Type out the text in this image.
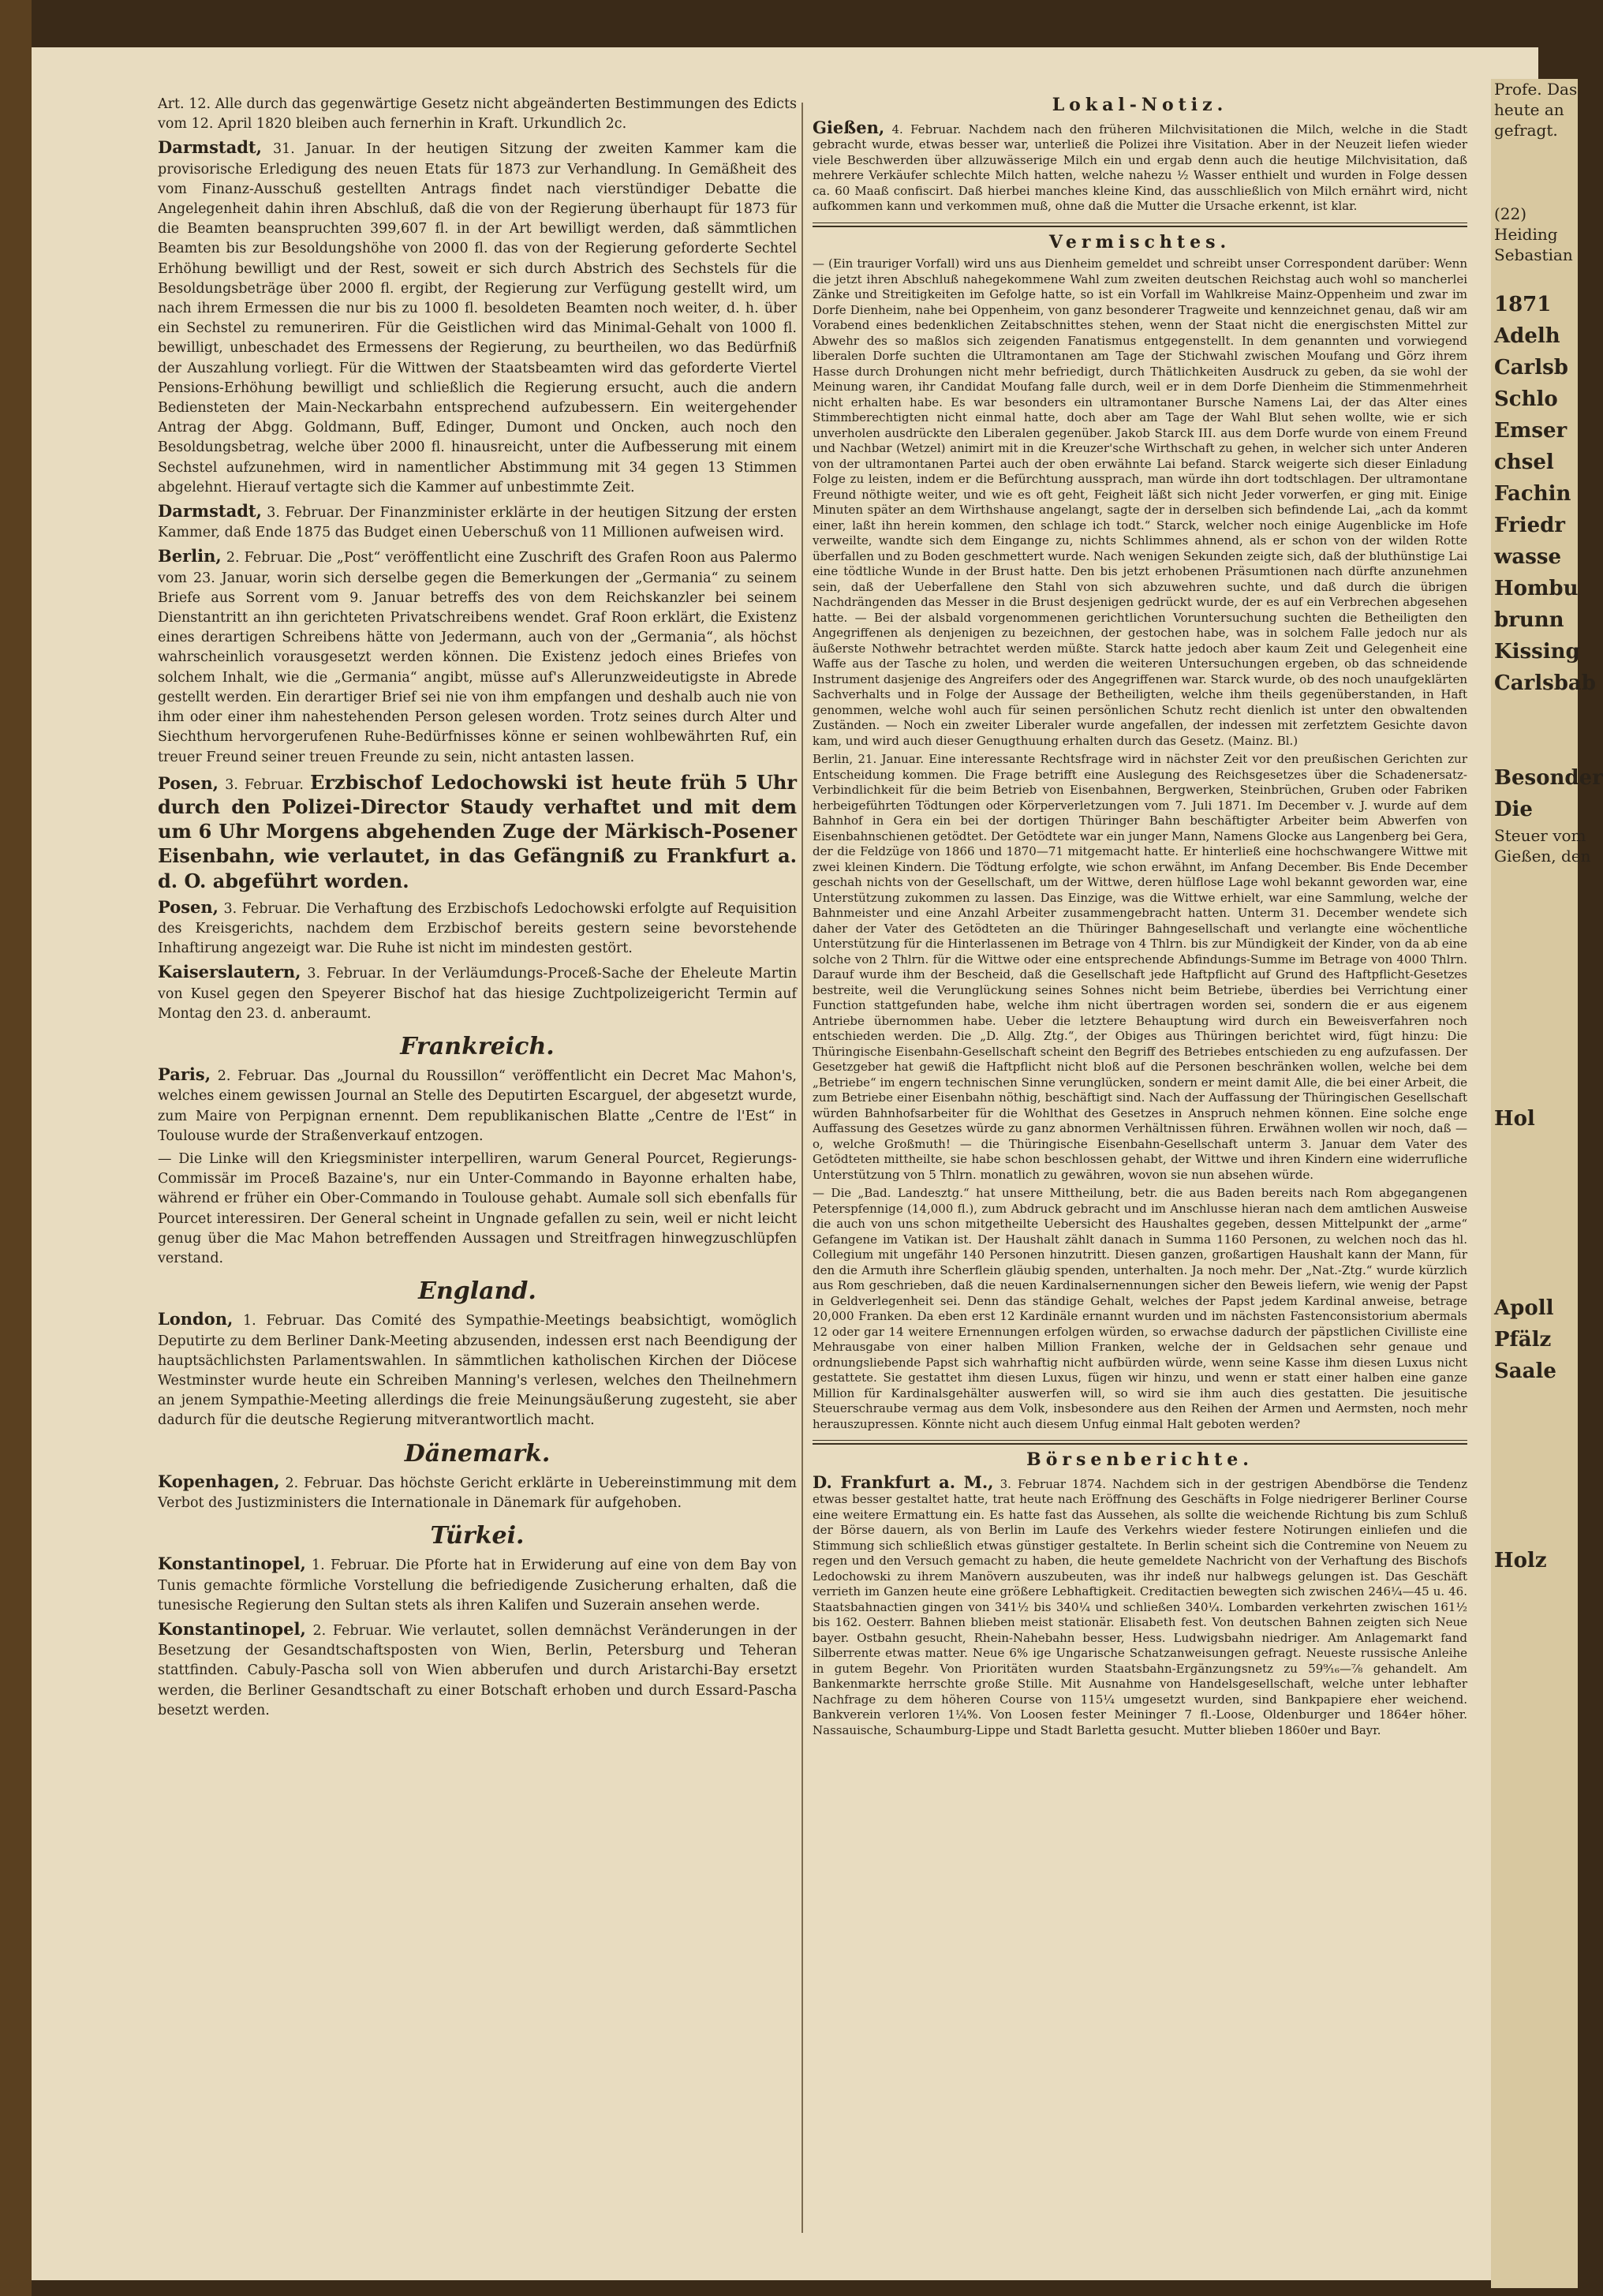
Art. 12. Alle durch das gegenwärtige Gesetz nicht abgeänderten Bestimmungen des Edicts vom 12. April 1820 bleiben auch fernerhin in Kraft. Urkundlich 2c.

Darmstadt, 31. Januar. In der heutigen Sitzung der zweiten Kammer kam die provisorische Erledigung des neuen Etats für 1873 zur Verhandlung. In Gemäßheit des vom Finanz-Ausschuß gestellten Antrags findet nach vierstündiger Debatte die Angelegenheit dahin ihren Abschluß, daß die von der Regierung überhaupt für 1873 für die Beamten beanspruchten 399,607 fl. in der Art bewilligt werden, daß sämmtlichen Beamten bis zur Besoldungshöhe von 2000 fl. das von der Regierung geforderte Sechtel Erhöhung bewilligt und der Rest, soweit er sich durch Abstrich des Sechstels für die Besoldungsbeträge über 2000 fl. ergibt, der Regierung zur Verfügung gestellt wird, um nach ihrem Ermessen die nur bis zu 1000 fl. besoldeten Beamten noch weiter, d. h. über ein Sechstel zu remuneriren. Für die Geistlichen wird das Minimal-Gehalt von 1000 fl. bewilligt, unbeschadet des Ermessens der Regierung, zu beurtheilen, wo das Bedürfniß der Auszahlung vorliegt. Für die Wittwen der Staatsbeamten wird das geforderte Viertel Pensions-Erhöhung bewilligt und schließlich die Regierung ersucht, auch die andern Bediensteten der Main-Neckarbahn entsprechend aufzubessern. Ein weitergehender Antrag der Abgg. Goldmann, Buff, Edinger, Dumont und Oncken, auch noch den Besoldungsbetrag, welche über 2000 fl. hinausreicht, unter die Aufbesserung mit einem Sechstel aufzunehmen, wird in namentlicher Abstimmung mit 34 gegen 13 Stimmen abgelehnt. Hierauf vertagte sich die Kammer auf unbestimmte Zeit.

Darmstadt, 3. Februar. Der Finanzminister erklärte in der heutigen Sitzung der ersten Kammer, daß Ende 1875 das Budget einen Ueberschuß von 11 Millionen aufweisen wird.

Berlin, 2. Februar. Die „Post“ veröffentlicht eine Zuschrift des Grafen Roon aus Palermo vom 23. Januar, worin sich derselbe gegen die Bemerkungen der „Germania“ zu seinem Briefe aus Sorrent vom 9. Januar betreffs des von dem Reichskanzler bei seinem Dienstantritt an ihn gerichteten Privatschreibens wendet. Graf Roon erklärt, die Existenz eines derartigen Schreibens hätte von Jedermann, auch von der „Germania“, als höchst wahrscheinlich vorausgesetzt werden können. Die Existenz jedoch eines Briefes von solchem Inhalt, wie die „Germania“ angibt, müsse auf's Allerunzweideutigste in Abrede gestellt werden. Ein derartiger Brief sei nie von ihm empfangen und deshalb auch nie von ihm oder einer ihm nahestehenden Person gelesen worden. Trotz seines durch Alter und Siechthum hervorgerufenen Ruhe-Bedürfnisses könne er seinen wohlbewährten Ruf, ein treuer Freund seiner treuen Freunde zu sein, nicht antasten lassen.

Posen, 3. Februar. Erzbischof Ledochowski ist heute früh 5 Uhr durch den Polizei-Director Staudy verhaftet und mit dem um 6 Uhr Morgens abgehenden Zuge der Märkisch-Posener Eisenbahn, wie verlautet, in das Gefängniß zu Frankfurt a. d. O. abgeführt worden.

Posen, 3. Februar. Die Verhaftung des Erzbischofs Ledochowski erfolgte auf Requisition des Kreisgerichts, nachdem dem Erzbischof bereits gestern seine bevorstehende Inhaftirung angezeigt war. Die Ruhe ist nicht im mindesten gestört.

Kaiserslautern, 3. Februar. In der Verläumdungs-Proceß-Sache der Eheleute Martin von Kusel gegen den Speyerer Bischof hat das hiesige Zuchtpolizeigericht Termin auf Montag den 23. d. anberaumt.

Frankreich.

Paris, 2. Februar. Das „Journal du Roussillon“ veröffentlicht ein Decret Mac Mahon's, welches einem gewissen Journal an Stelle des Deputirten Escarguel, der abgesetzt wurde, zum Maire von Perpignan ernennt. Dem republikanischen Blatte „Centre de l'Est“ in Toulouse wurde der Straßenverkauf entzogen.

— Die Linke will den Kriegsminister interpelliren, warum General Pourcet, Regierungs-Commissär im Proceß Bazaine's, nur ein Unter-Commando in Bayonne erhalten habe, während er früher ein Ober-Commando in Toulouse gehabt. Aumale soll sich ebenfalls für Pourcet interessiren. Der General scheint in Ungnade gefallen zu sein, weil er nicht leicht genug über die Mac Mahon betreffenden Aussagen und Streitfragen hinwegzuschlüpfen verstand.

England.

London, 1. Februar. Das Comité des Sympathie-Meetings beabsichtigt, womöglich Deputirte zu dem Berliner Dank-Meeting abzusenden, indessen erst nach Beendigung der hauptsächlichsten Parlamentswahlen. In sämmtlichen katholischen Kirchen der Diöcese Westminster wurde heute ein Schreiben Manning's verlesen, welches den Theilnehmern an jenem Sympathie-Meeting allerdings die freie Meinungsäußerung zugesteht, sie aber dadurch für die deutsche Regierung mitverantwortlich macht.

Dänemark.

Kopenhagen, 2. Februar. Das höchste Gericht erklärte in Uebereinstimmung mit dem Verbot des Justizministers die Internationale in Dänemark für aufgehoben.

Türkei.

Konstantinopel, 1. Februar. Die Pforte hat in Erwiderung auf eine von dem Bay von Tunis gemachte förmliche Vorstellung die befriedigende Zusicherung erhalten, daß die tunesische Regierung den Sultan stets als ihren Kalifen und Suzerain ansehen werde.

Konstantinopel, 2. Februar. Wie verlautet, sollen demnächst Veränderungen in der Besetzung der Gesandtschaftsposten von Wien, Berlin, Petersburg und Teheran stattfinden. Cabuly-Pascha soll von Wien abberufen und durch Aristarchi-Bay ersetzt werden, die Berliner Gesandtschaft zu einer Botschaft erhoben und durch Essard-Pascha besetzt werden.

Lokal-Notiz.

Gießen, 4. Februar. Nachdem nach den früheren Milchvisitationen die Milch, welche in die Stadt gebracht wurde, etwas besser war, unterließ die Polizei ihre Visitation. Aber in der Neuzeit liefen wieder viele Beschwerden über allzuwässerige Milch ein und ergab denn auch die heutige Milchvisitation, daß mehrere Verkäufer schlechte Milch hatten, welche nahezu ½ Wasser enthielt und wurden in Folge dessen ca. 60 Maaß confiscirt. Daß hierbei manches kleine Kind, das ausschließlich von Milch ernährt wird, nicht aufkommen kann und verkommen muß, ohne daß die Mutter die Ursache erkennt, ist klar.

Vermischtes.

— (Ein trauriger Vorfall) wird uns aus Dienheim gemeldet und schreibt unser Correspondent darüber: Wenn die jetzt ihren Abschluß nahegekommene Wahl zum zweiten deutschen Reichstag auch wohl so mancherlei Zänke und Streitigkeiten im Gefolge hatte, so ist ein Vorfall im Wahlkreise Mainz-Oppenheim und zwar im Dorfe Dienheim, nahe bei Oppenheim, von ganz besonderer Tragweite und kennzeichnet genau, daß wir am Vorabend eines bedenklichen Zeitabschnittes stehen, wenn der Staat nicht die energischsten Mittel zur Abwehr des so maßlos sich zeigenden Fanatismus entgegenstellt. In dem genannten und vorwiegend liberalen Dorfe suchten die Ultramontanen am Tage der Stichwahl zwischen Moufang und Görz ihrem Hasse durch Drohungen nicht mehr befriedigt, durch Thätlichkeiten Ausdruck zu geben, da sie wohl der Meinung waren, ihr Candidat Moufang falle durch, weil er in dem Dorfe Dienheim die Stimmenmehrheit nicht erhalten habe. Es war besonders ein ultramontaner Bursche Namens Lai, der das Alter eines Stimmberechtigten nicht einmal hatte, doch aber am Tage der Wahl Blut sehen wollte, wie er sich unverholen ausdrückte den Liberalen gegenüber. Jakob Starck III. aus dem Dorfe wurde von einem Freund und Nachbar (Wetzel) animirt mit in die Kreuzer'sche Wirthschaft zu gehen, in welcher sich unter Anderen von der ultramontanen Partei auch der oben erwähnte Lai befand. Starck weigerte sich dieser Einladung Folge zu leisten, indem er die Befürchtung aussprach, man würde ihn dort todtschlagen. Der ultramontane Freund nöthigte weiter, und wie es oft geht, Feigheit läßt sich nicht Jeder vorwerfen, er ging mit. Einige Minuten später an dem Wirthshause angelangt, sagte der in derselben sich befindende Lai, „ach da kommt einer, laßt ihn herein kommen, den schlage ich todt.“ Starck, welcher noch einige Augenblicke im Hofe verweilte, wandte sich dem Eingange zu, nichts Schlimmes ahnend, als er schon von der wilden Rotte überfallen und zu Boden geschmettert wurde. Nach wenigen Sekunden zeigte sich, daß der bluthünstige Lai eine tödtliche Wunde in der Brust hatte. Den bis jetzt erhobenen Präsumtionen nach dürfte anzunehmen sein, daß der Ueberfallene den Stahl von sich abzuwehren suchte, und daß durch die übrigen Nachdrängenden das Messer in die Brust desjenigen gedrückt wurde, der es auf ein Verbrechen abgesehen hatte. — Bei der alsbald vorgenommenen gerichtlichen Voruntersuchung suchten die Betheiligten den Angegriffenen als denjenigen zu bezeichnen, der gestochen habe, was in solchem Falle jedoch nur als äußerste Nothwehr betrachtet werden müßte. Starck hatte jedoch aber kaum Zeit und Gelegenheit eine Waffe aus der Tasche zu holen, und werden die weiteren Untersuchungen ergeben, ob das schneidende Instrument dasjenige des Angreifers oder des Angegriffenen war. Starck wurde, ob des noch unaufgeklärten Sachverhalts und in Folge der Aussage der Betheiligten, welche ihm theils gegenüberstanden, in Haft genommen, welche wohl auch für seinen persönlichen Schutz recht dienlich ist unter den obwaltenden Zuständen. — Noch ein zweiter Liberaler wurde angefallen, der indessen mit zerfetztem Gesichte davon kam, und wird auch dieser Genugthuung erhalten durch das Gesetz. (Mainz. Bl.)

Berlin, 21. Januar. Eine interessante Rechtsfrage wird in nächster Zeit vor den preußischen Gerichten zur Entscheidung kommen. Die Frage betrifft eine Auslegung des Reichsgesetzes über die Schadenersatz-Verbindlichkeit für die beim Betrieb von Eisenbahnen, Bergwerken, Steinbrüchen, Gruben oder Fabriken herbeigeführten Tödtungen oder Körperverletzungen vom 7. Juli 1871. Im December v. J. wurde auf dem Bahnhof in Gera ein bei der dortigen Thüringer Bahn beschäftigter Arbeiter beim Abwerfen von Eisenbahnschienen getödtet. Der Getödtete war ein junger Mann, Namens Glocke aus Langenberg bei Gera, der die Feldzüge von 1866 und 1870—71 mitgemacht hatte. Er hinterließ eine hochschwangere Wittwe mit zwei kleinen Kindern. Die Tödtung erfolgte, wie schon erwähnt, im Anfang December. Bis Ende December geschah nichts von der Gesellschaft, um der Wittwe, deren hülflose Lage wohl bekannt geworden war, eine Unterstützung zukommen zu lassen. Das Einzige, was die Wittwe erhielt, war eine Sammlung, welche der Bahnmeister und eine Anzahl Arbeiter zusammengebracht hatten. Unterm 31. December wendete sich daher der Vater des Getödteten an die Thüringer Bahngesellschaft und verlangte eine wöchentliche Unterstützung für die Hinterlassenen im Betrage von 4 Thlrn. bis zur Mündigkeit der Kinder, von da ab eine solche von 2 Thlrn. für die Wittwe oder eine entsprechende Abfindungs-Summe im Betrage von 4000 Thlrn. Darauf wurde ihm der Bescheid, daß die Gesellschaft jede Haftpflicht auf Grund des Haftpflicht-Gesetzes bestreite, weil die Verunglückung seines Sohnes nicht beim Betriebe, überdies bei Verrichtung einer Function stattgefunden habe, welche ihm nicht übertragen worden sei, sondern die er aus eigenem Antriebe übernommen habe. Ueber die letztere Behauptung wird durch ein Beweisverfahren noch entschieden werden. Die „D. Allg. Ztg.“, der Obiges aus Thüringen berichtet wird, fügt hinzu: Die Thüringische Eisenbahn-Gesellschaft scheint den Begriff des Betriebes entschieden zu eng aufzufassen. Der Gesetzgeber hat gewiß die Haftpflicht nicht bloß auf die Personen beschränken wollen, welche bei dem „Betriebe“ im engern technischen Sinne verunglücken, sondern er meint damit Alle, die bei einer Arbeit, die zum Betriebe einer Eisenbahn nöthig, beschäftigt sind. Nach der Auffassung der Thüringischen Gesellschaft würden Bahnhofsarbeiter für die Wohlthat des Gesetzes in Anspruch nehmen können. Eine solche enge Auffassung des Gesetzes würde zu ganz abnormen Verhältnissen führen. Erwähnen wollen wir noch, daß — o, welche Großmuth! — die Thüringische Eisenbahn-Gesellschaft unterm 3. Januar dem Vater des Getödteten mittheilte, sie habe schon beschlossen gehabt, der Wittwe und ihren Kindern eine widerrufliche Unterstützung von 5 Thlrn. monatlich zu gewähren, wovon sie nun absehen würde.

— Die „Bad. Landesztg.“ hat unsere Mittheilung, betr. die aus Baden bereits nach Rom abgegangenen Peterspfennige (14,000 fl.), zum Abdruck gebracht und im Anschlusse hieran nach dem amtlichen Ausweise die auch von uns schon mitgetheilte Uebersicht des Haushaltes gegeben, dessen Mittelpunkt der „arme“ Gefangene im Vatikan ist. Der Haushalt zählt danach in Summa 1160 Personen, zu welchen noch das hl. Collegium mit ungefähr 140 Personen hinzutritt. Diesen ganzen, großartigen Haushalt kann der Mann, für den die Armuth ihre Scherflein gläubig spenden, unterhalten. Ja noch mehr. Der „Nat.-Ztg.“ wurde kürzlich aus Rom geschrieben, daß die neuen Kardinalsernennungen sicher den Beweis liefern, wie wenig der Papst in Geldverlegenheit sei. Denn das ständige Gehalt, welches der Papst jedem Kardinal anweise, betrage 20,000 Franken. Da eben erst 12 Kardinäle ernannt wurden und im nächsten Fastenconsistorium abermals 12 oder gar 14 weitere Ernennungen erfolgen würden, so erwachse dadurch der päpstlichen Civilliste eine Mehrausgabe von einer halben Million Franken, welche der in Geldsachen sehr genaue und ordnungsliebende Papst sich wahrhaftig nicht aufbürden würde, wenn seine Kasse ihm diesen Luxus nicht gestattete. Sie gestattet ihm diesen Luxus, fügen wir hinzu, und wenn er statt einer halben eine ganze Million für Kardinalsgehälter auswerfen will, so wird sie ihm auch dies gestatten. Die jesuitische Steuerschraube vermag aus dem Volk, insbesondere aus den Reihen der Armen und Aermsten, noch mehr herauszupressen. Könnte nicht auch diesem Unfug einmal Halt geboten werden?

Börsenberichte.

D. Frankfurt a. M., 3. Februar 1874. Nachdem sich in der gestrigen Abendbörse die Tendenz etwas besser gestaltet hatte, trat heute nach Eröffnung des Geschäfts in Folge niedrigerer Berliner Course eine weitere Ermattung ein. Es hatte fast das Aussehen, als sollte die weichende Richtung bis zum Schluß der Börse dauern, als von Berlin im Laufe des Verkehrs wieder festere Notirungen einliefen und die Stimmung sich schließlich etwas günstiger gestaltete. In Berlin scheint sich die Contremine von Neuem zu regen und den Versuch gemacht zu haben, die heute gemeldete Nachricht von der Verhaftung des Bischofs Ledochowski zu ihrem Manövern auszubeuten, was ihr indeß nur halbwegs gelungen ist. Das Geschäft verrieth im Ganzen heute eine größere Lebhaftigkeit. Creditactien bewegten sich zwischen 246¼—45 u. 46. Staatsbahnactien gingen von 341½ bis 340¼ und schließen 340¼. Lombarden verkehrten zwischen 161½ bis 162. Oesterr. Bahnen blieben meist stationär. Elisabeth fest. Von deutschen Bahnen zeigten sich Neue bayer. Ostbahn gesucht, Rhein-Nahebahn besser, Hess. Ludwigsbahn niedriger. Am Anlagemarkt fand Silberrente etwas matter. Neue 6% ige Ungarische Schatzanweisungen gefragt. Neueste russische Anleihe in gutem Begehr. Von Prioritäten wurden Staatsbahn-Ergänzungsnetz zu 59⁹⁄₁₆—⅞ gehandelt. Am Bankenmarkte herrschte große Stille. Mit Ausnahme von Handelsgesellschaft, welche unter lebhafter Nachfrage zu dem höheren Course von 115¼ umgesetzt wurden, sind Bankpapiere eher weichend. Bankverein verloren 1¼%. Von Loosen fester Meininger 7 fl.-Loose, Oldenburger und 1864er höher. Nassauische, Schaumburg-Lippe und Stadt Barletta gesucht. Mutter blieben 1860er und Bayr.

Profe. Das
heute an
gefragt.
(22)
Heiding
Sebastian
1871
Adelh
Carlsb
Schlo
Emser
chsel
Fachin
Friedr
wasse
Hombu
brunn
Kissing
Carlsbab
Besonder
Die
Steuer vom
Gießen, den
Hol
Apoll
Pfälz
Saale
Holz
